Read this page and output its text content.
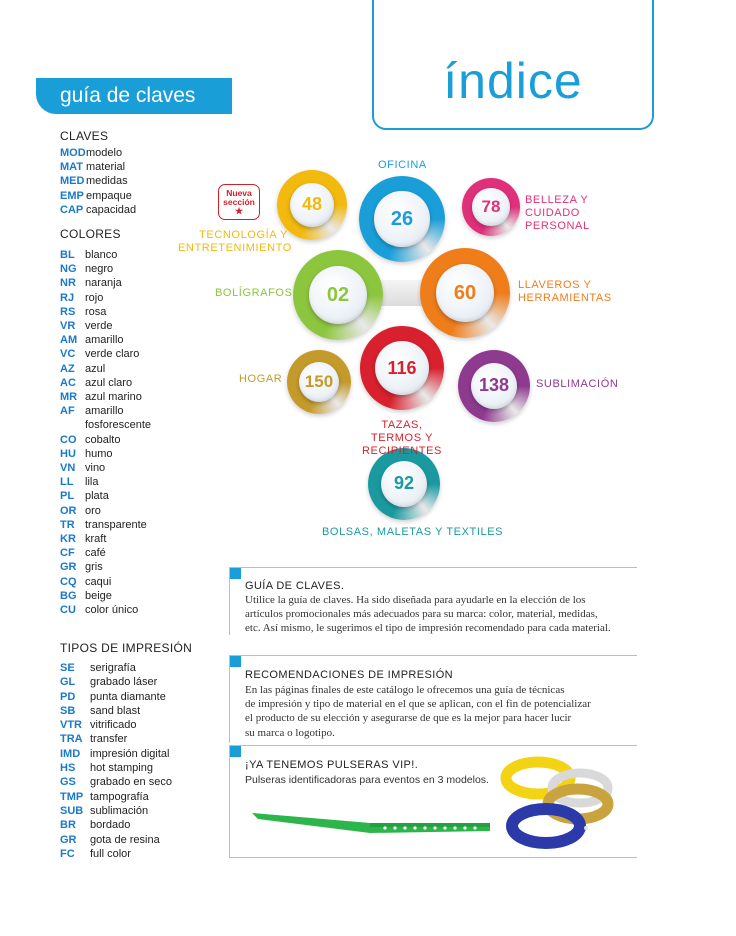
índice
guía de claves
CLAVES
MOD modelo
MAT material
MED medidas
EMP empaque
CAP capacidad
COLORES
BL blanco
NG negro
NR naranja
RJ rojo
RS rosa
VR verde
AM amarillo
VC verde claro
AZ azul
AC azul claro
MR azul marino
AF amarillo fosforescente
CO cobalto
HU humo
VN vino
LL	lila
PL plata
OR oro
TR transparente
KR kraft
CF café
GR gris
CQ caqui
BG beige
CU color único
TIPOS DE IMPRESIÓN
SE	serigrafía
GL	grabado láser
PD	punta diamante
SB	sand blast
VTR vitrificado
TRA transfer
IMD impresión digital
HS	hot stamping
GS	grabado en seco
TMP tampografía
SUB sublimación
BR	bordado
GR	gota de resina
FC	full color
26
48	78
02	60
150
116
138
92
OFICINA
TECNOLOGÍA Y ENTRETENIMIENTO
BELLEZA Y CUIDADO PERSONAL
BOLÍGRAFOS
LLAVEROS Y HERRAMIENTAS
HOGAR
TAZAS, TERMOS Y RECIPIENTES
SUBLIMACIÓN
BOLSAS, MALETAS Y TEXTILES
Nueva
sección
★
GUÍA DE CLAVES.
Utilice la guía de claves. Ha sido diseñada para ayudarle en la elección de los
artículos promocionales más adecuados para su marca: color, material, medidas,
etc. Así mismo, le sugerimos el tipo de impresión recomendado para cada material.
RECOMENDACIONES DE IMPRESIÓN
En las páginas finales de este catálogo le ofrecemos una guía de técnicas
de impresión y tipo de material en el que se aplican, con el fin de potencializar
el producto de su elección y asegurarse de que es la mejor para hacer lucir
su marca o logotipo.
¡YA TENEMOS PULSERAS VIP!.
Pulseras identificadoras para eventos en 3 modelos.
